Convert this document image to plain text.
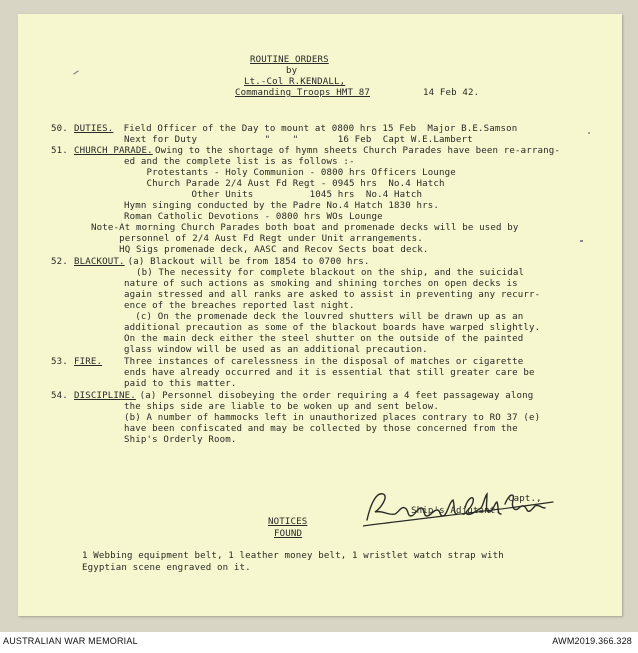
ROUTINE ORDERS
by
Lt.-Col R.KENDALL,
Commanding Troops HMT 87	14 Feb 42.
50. DUTIES. Field Officer of the Day to mount at 0800 hrs 15 Feb  Major B.E.Samson
Next for Duty            "    "       16 Feb  Capt W.E.Lambert
51. CHURCH PARADE. Owing to the shortage of hymn sheets Church Parades have been re-arrang-
ed and the complete list is as follows :-
Protestants - Holy Communion - 0800 hrs Officers Lounge
Church Parade 2/4 Aust Fd Regt - 0945 hrs  No.4 Hatch
Other Units          1045 hrs  No.4 Hatch
Hymn singing conducted by the Padre No.4 Hatch 1830 hrs.
Roman Catholic Devotions - 0800 hrs WOs Lounge
Note-At morning Church Parades both boat and promenade decks will be used by
personnel of 2/4 Aust Fd Regt under Unit arrangements.
HQ Sigs promenade deck, AASC and Recov Sects boat deck.
52. BLACKOUT.
(a) Blackout will be from 1854 to 0700 hrs.
(b) The necessity for complete blackout on the ship, and the suicidal
nature of such actions as smoking and shining torches on open decks is
again stressed and all ranks are asked to assist in preventing any recurr-
ence of the breaches reported last night.
(c) On the promenade deck the louvred shutters will be drawn up as an
additional precaution as some of the blackout boards have warped slightly.
On the main deck either the steel shutter on the outside of the painted
glass window will be used as an additional precaution.
53. FIRE. Three instances of carelessness in the disposal of matches or cigarette
ends have already occurred and it is essential that still greater care be
paid to this matter.
54. DISCIPLINE.
(a) Personnel disobeying the order requiring a 4 feet passageway along
the ships side are liable to be woken up and sent below.
(b) A number of hammocks left in unauthorized places contrary to RO 37 (e)
have been confiscated and may be collected by those concerned from the
Ship's Orderly Room.
Capt.,
Ship's Adjutant.
NOTICES
FOUND
1 Webbing equipment belt, 1 leather money belt, 1 wristlet watch strap with
Egyptian scene engraved on it.
AUSTRALIAN WAR MEMORIAL	AWM2019.366.328
